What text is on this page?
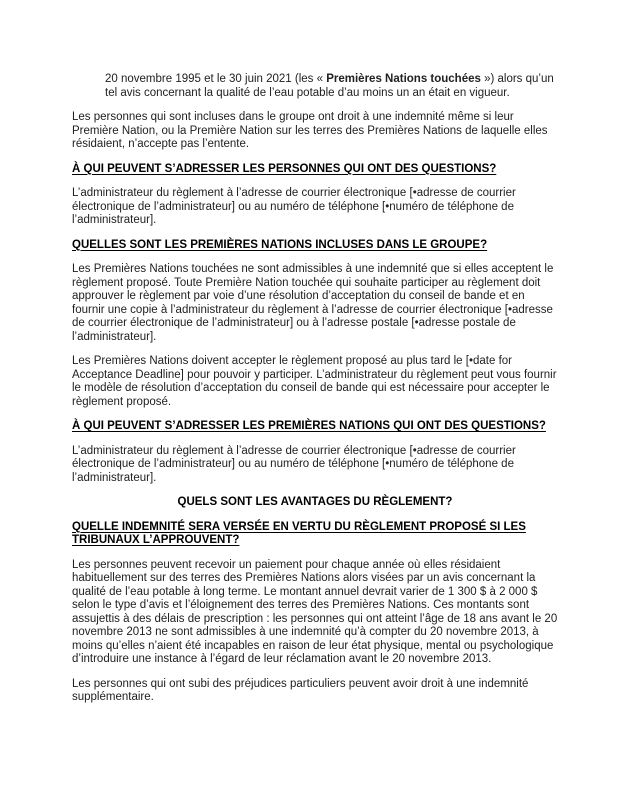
20 novembre 1995 et le 30 juin 2021 (les « Premières Nations touchées ») alors qu’un tel avis concernant la qualité de l’eau potable d’au moins un an était en vigueur.

Les personnes qui sont incluses dans le groupe ont droit à une indemnité même si leur Première Nation, ou la Première Nation sur les terres des Premières Nations de laquelle elles résidaient, n’accepte pas l’entente.

À QUI PEUVENT S’ADRESSER LES PERSONNES QUI ONT DES QUESTIONS?

L’administrateur du règlement à l’adresse de courrier électronique [•adresse de courrier électronique de l’administrateur] ou au numéro de téléphone [•numéro de téléphone de l’administrateur].

QUELLES SONT LES PREMIÈRES NATIONS INCLUSES DANS LE GROUPE?

Les Premières Nations touchées ne sont admissibles à une indemnité que si elles acceptent le règlement proposé. Toute Première Nation touchée qui souhaite participer au règlement doit approuver le règlement par voie d’une résolution d’acceptation du conseil de bande et en fournir une copie à l’administrateur du règlement à l’adresse de courrier électronique [•adresse de courrier électronique de l’administrateur] ou à l’adresse postale [•adresse postale de l’administrateur].

Les Premières Nations doivent accepter le règlement proposé au plus tard le [•date for Acceptance Deadline] pour pouvoir y participer. L’administrateur du règlement peut vous fournir le modèle de résolution d’acceptation du conseil de bande qui est nécessaire pour accepter le règlement proposé.

À QUI PEUVENT S’ADRESSER LES PREMIÈRES NATIONS QUI ONT DES QUESTIONS?

L’administrateur du règlement à l’adresse de courrier électronique [•adresse de courrier électronique de l’administrateur] ou au numéro de téléphone [•numéro de téléphone de l’administrateur].

QUELS SONT LES AVANTAGES DU RÈGLEMENT?
QUELLE INDEMNITÉ SERA VERSÉE EN VERTU DU RÈGLEMENT PROPOSÉ SI LES TRIBUNAUX L’APPROUVENT?

Les personnes peuvent recevoir un paiement pour chaque année où elles résidaient habituellement sur des terres des Premières Nations alors visées par un avis concernant la qualité de l’eau potable à long terme. Le montant annuel devrait varier de 1 300 $ à 2 000 $ selon le type d’avis et l’éloignement des terres des Premières Nations. Ces montants sont assujettis à des délais de prescription : les personnes qui ont atteint l’âge de 18 ans avant le 20 novembre 2013 ne sont admissibles à une indemnité qu’à compter du 20 novembre 2013, à moins qu’elles n’aient été incapables en raison de leur état physique, mental ou psychologique d’introduire une instance à l’égard de leur réclamation avant le 20 novembre 2013.

Les personnes qui ont subi des préjudices particuliers peuvent avoir droit à une indemnité supplémentaire.
